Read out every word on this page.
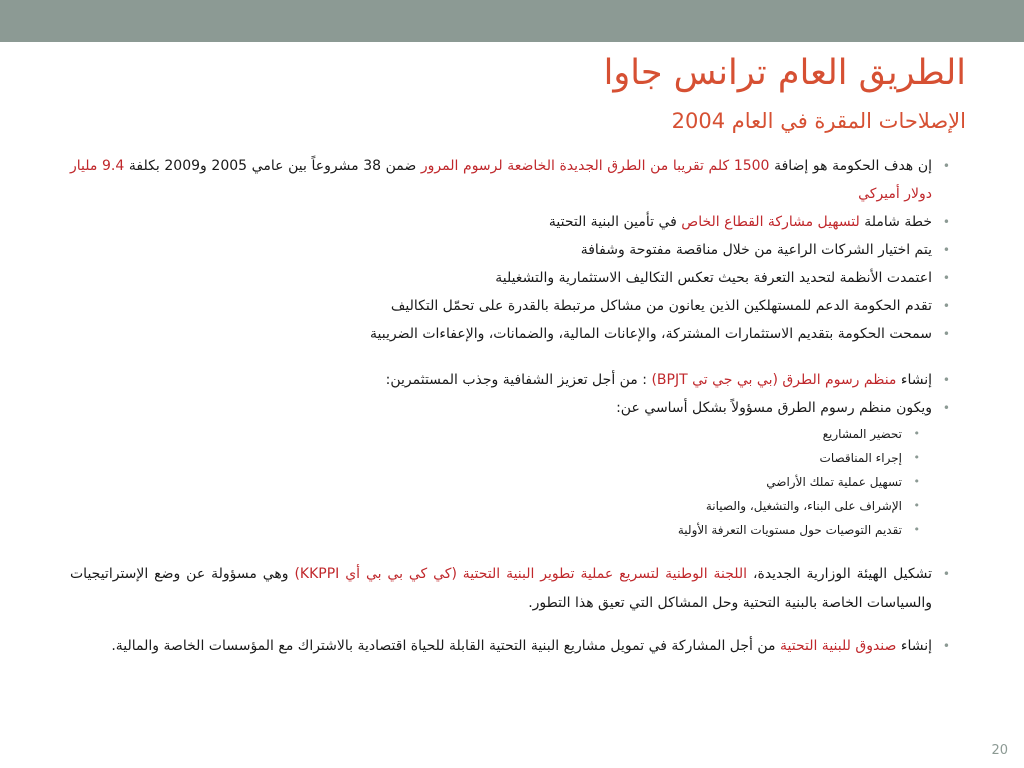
الطريق العام ترانس جاوا
الإصلاحات المقرة في العام 2004
• إن هدف الحكومة هو إضافة 1500 كلم تقريبا من الطرق الجديدة الخاضعة لرسوم المرور ضمن 38 مشروعاً بين عامي 2005 و2009 بكلفة 9.4 مليار دولار أميركي
• خطة شاملة لتسهيل مشاركة القطاع الخاص في تأمين البنية التحتية
• يتم اختيار الشركات الراعية من خلال مناقصة مفتوحة وشفافة
• اعتمدت الأنظمة لتحديد التعرفة بحيث تعكس التكاليف الاستثمارية والتشغيلية
• تقدم الحكومة الدعم للمستهلكين الذين يعانون من مشاكل مرتبطة بالقدرة على تحمّل التكاليف
• سمحت الحكومة بتقديم الاستثمارات المشتركة، والإعانات المالية، والضمانات، والإعفاءات الضريبية
• إنشاء منظم رسوم الطرق (بي بي جي تي BPJT) : من أجل تعزيز الشفافية وجذب المستثمرين:
• ويكون منظم رسوم الطرق مسؤولاً بشكل أساسي عن:
• تحضير المشاريع
• إجراء المناقصات
• تسهيل عملية تملك الأراضي
• الإشراف على البناء، والتشغيل، والصيانة
• تقديم التوصيات حول مستويات التعرفة الأولية
• تشكيل الهيئة الوزارية الجديدة، اللجنة الوطنية لتسريع عملية تطوير البنية التحتية (كي كي بي بي أي KKPPI) وهي مسؤولة عن وضع الإستراتيجيات والسياسات الخاصة بالبنية التحتية وحل المشاكل التي تعيق هذا التطور.
• إنشاء صندوق للبنية التحتية من أجل المشاركة في تمويل مشاريع البنية التحتية القابلة للحياة اقتصادية بالاشتراك مع المؤسسات الخاصة والمالية.
20
